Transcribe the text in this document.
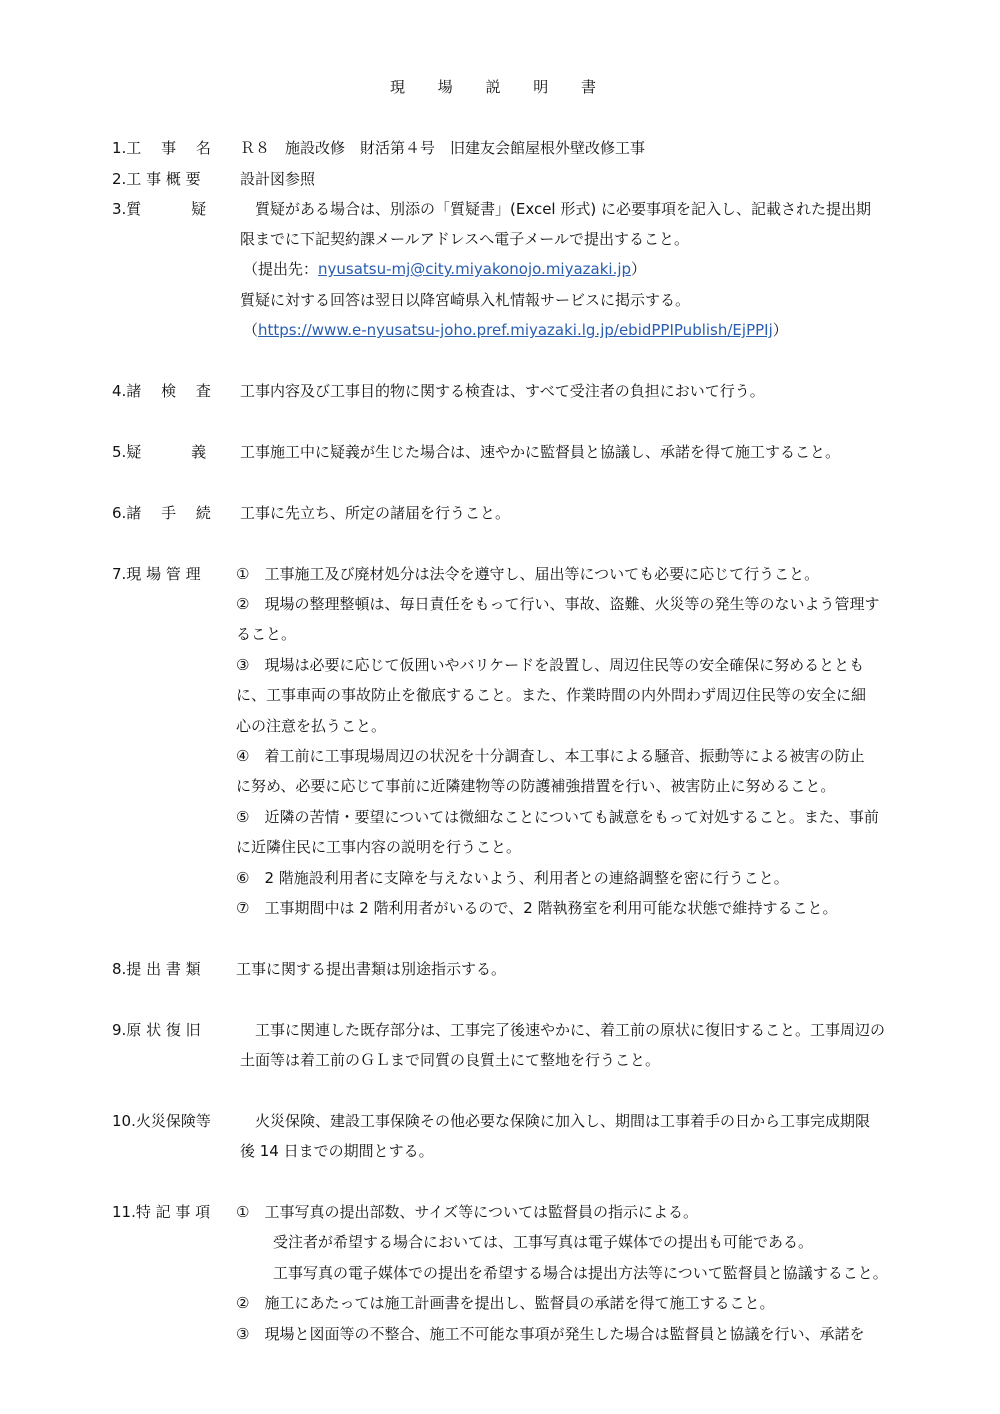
現 場 説 明 書
1.工　 事　 名 Ｒ８　施設改修　財活第４号　旧建友会館屋根外壁改修工事
2.工 事 概 要	設計図参照
3.質　　　 疑 　質疑がある場合は、別添の「質疑書」(Excel 形式) に必要事項を記入し、記載された提出期
限までに下記契約課メールアドレスへ電子メールで提出すること。
（提出先：nyusatsu-mj@city.miyakonojo.miyazaki.jp）
質疑に対する回答は翌日以降宮崎県入札情報サービスに掲示する。
（https://www.e-nyusatsu-joho.pref.miyazaki.lg.jp/ebidPPIPublish/EjPPIj）
4.諸　 検　 査 工事内容及び工事目的物に関する検査は、すべて受注者の負担において行う。
5.疑　　　 義 工事施工中に疑義が生じた場合は、速やかに監督員と協議し、承諾を得て施工すること。
6.諸　 手　 続 工事に先立ち、所定の諸届を行うこと。
7.現 場 管 理 ①　工事施工及び廃材処分は法令を遵守し、届出等についても必要に応じて行うこと。
②　現場の整理整頓は、毎日責任をもって行い、事故、盗難、火災等の発生等のないよう管理す
ること。
③　現場は必要に応じて仮囲いやバリケードを設置し、周辺住民等の安全確保に努めるととも
に、工事車両の事故防止を徹底すること。また、作業時間の内外問わず周辺住民等の安全に細
心の注意を払うこと。
④　着工前に工事現場周辺の状況を十分調査し、本工事による騒音、振動等による被害の防止
に努め、必要に応じて事前に近隣建物等の防護補強措置を行い、被害防止に努めること。
⑤　近隣の苦情・要望については微細なことについても誠意をもって対処すること。また、事前
に近隣住民に工事内容の説明を行うこと。
⑥　2 階施設利用者に支障を与えないよう、利用者との連絡調整を密に行うこと。
⑦　工事期間中は 2 階利用者がいるので、2 階執務室を利用可能な状態で維持すること。
8.提 出 書 類 工事に関する提出書類は別途指示する。
9.原 状 復 旧	　工事に関連した既存部分は、工事完了後速やかに、着工前の原状に復旧すること。工事周辺の
土面等は着工前のＧＬまで同質の良質土にて整地を行うこと。
10.火災保険等 　火災保険、建設工事保険その他必要な保険に加入し、期間は工事着手の日から工事完成期限
後 14 日までの期間とする。
11.特 記 事 項 ①　工事写真の提出部数、サイズ等については監督員の指示による。
受注者が希望する場合においては、工事写真は電子媒体での提出も可能である。
工事写真の電子媒体での提出を希望する場合は提出方法等について監督員と協議すること。
②　施工にあたっては施工計画書を提出し、監督員の承諾を得て施工すること。
③　現場と図面等の不整合、施工不可能な事項が発生した場合は監督員と協議を行い、承諾を
